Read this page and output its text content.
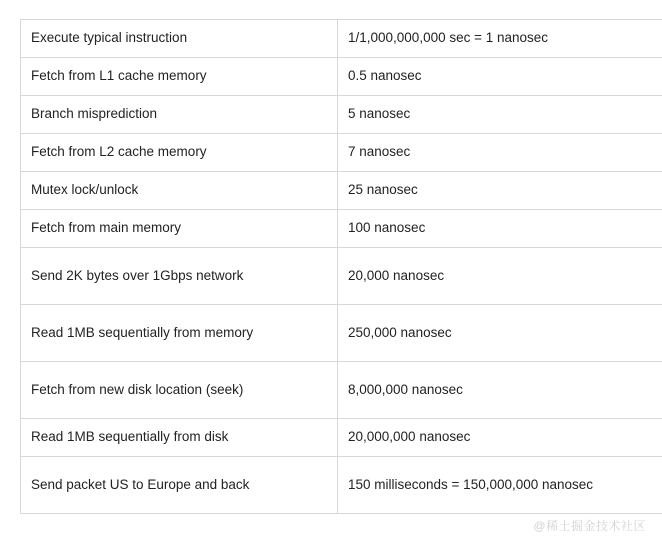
Execute typical instruction	1/1,000,000,000 sec = 1 nanosec
Fetch from L1 cache memory	0.5 nanosec
Branch misprediction	5 nanosec
Fetch from L2 cache memory	7 nanosec
Mutex lock/unlock	25 nanosec
Fetch from main memory	100 nanosec
Send 2K bytes over 1Gbps network	20,000 nanosec
Read 1MB sequentially from memory	250,000 nanosec
Fetch from new disk location (seek)	8,000,000 nanosec
Read 1MB sequentially from disk	20,000,000 nanosec
Send packet US to Europe and back	150 milliseconds = 150,000,000 nanosec
@稀土掘金技术社区
